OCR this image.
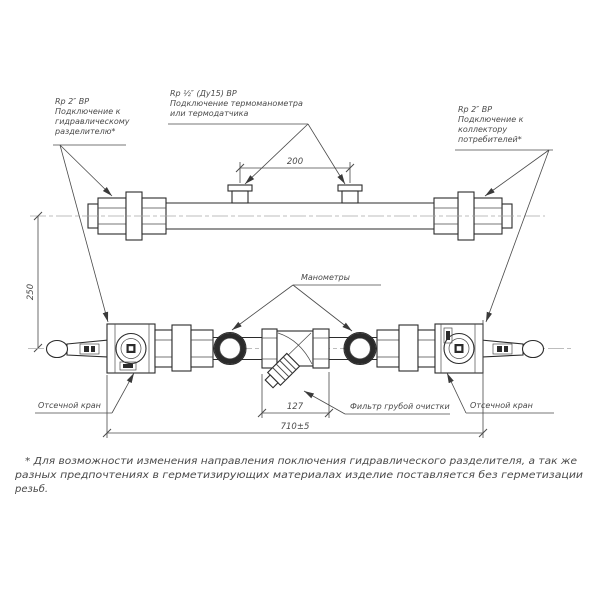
200
250
127
710±5
Rp 2″ ВР
Подключение к
гидравлическому
разделителю*
Rp ½″ (Ду15) ВР
Подключение термоманометра
или термодатчика	Rp 2″ ВР
Подключение к
коллектору
потребителей*
Манометры
Фильтр грубой очистки
Отсечной кран	Отсечной кран
* Для возможности изменения направления поключения гидравлического разделителя, а так же
разных предпочтениях в герметизирующих материалах изделие поставляется без герметизации
резьб.
